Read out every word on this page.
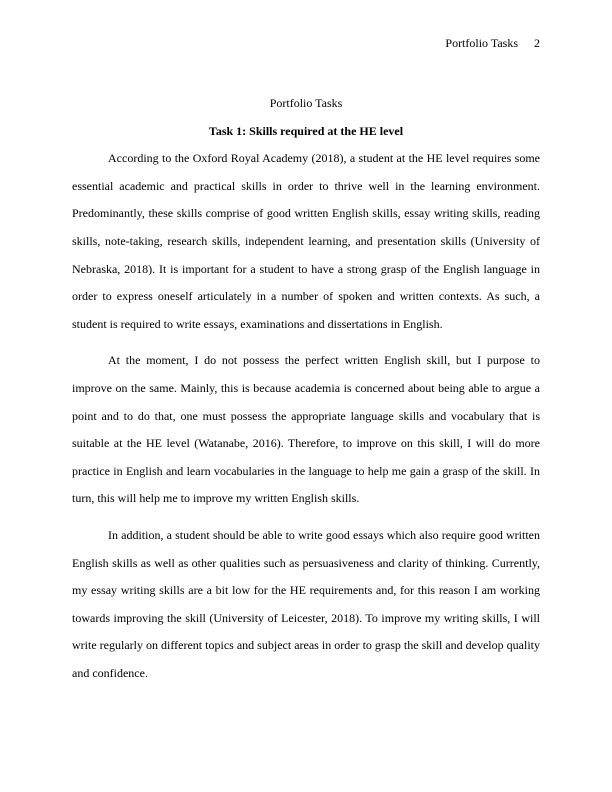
Portfolio Tasks 2

Portfolio Tasks

Task 1: Skills required at the HE level

According to the Oxford Royal Academy (2018), a student at the HE level requires some essential academic and practical skills in order to thrive well in the learning environment. Predominantly, these skills comprise of good written English skills, essay writing skills, reading skills, note-taking, research skills, independent learning, and presentation skills (University of Nebraska, 2018). It is important for a student to have a strong grasp of the English language in order to express oneself articulately in a number of spoken and written contexts. As such, a student is required to write essays, examinations and dissertations in English.

At the moment, I do not possess the perfect written English skill, but I purpose to improve on the same. Mainly, this is because academia is concerned about being able to argue a point and to do that, one must possess the appropriate language skills and vocabulary that is suitable at the HE level (Watanabe, 2016). Therefore, to improve on this skill, I will do more practice in English and learn vocabularies in the language to help me gain a grasp of the skill. In turn, this will help me to improve my written English skills.

In addition, a student should be able to write good essays which also require good written English skills as well as other qualities such as persuasiveness and clarity of thinking. Currently, my essay writing skills are a bit low for the HE requirements and, for this reason I am working towards improving the skill (University of Leicester, 2018). To improve my writing skills, I will write regularly on different topics and subject areas in order to grasp the skill and develop quality and confidence.
